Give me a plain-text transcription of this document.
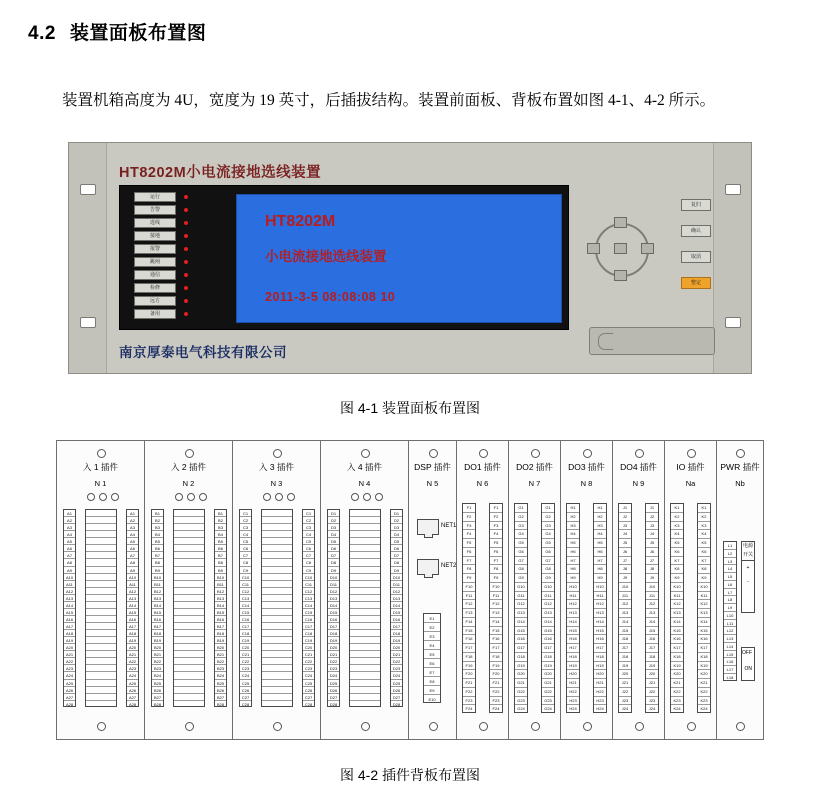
4.2 装置面板布置图
装置机箱高度为 4U，宽度为 19 英寸，后插拔结构。装置前面板、背板布置如图 4-1、4-2 所示。
HT8202M小电流接地选线装置
南京厚泰电气科技有限公司
运行
告警
选线
接地
报警
跳闸
通信
检修
远方
备用
HT8202M
小电流接地选线装置
2011-3-5 08:08:08 10
复归
确认
取消
整定
图 4-1 装置面板布置图
入 1 插件
N 1
A1
A2
A3
A4
A5
A6
A7
A8
A9
A10
A11
A12
A13
A14
A15
A16
A17
A18
A19
A20
A21
A22
A23
A24
A25
A26
A27
A28
A1
A2
A3
A4
A5
A6
A7
A8
A9
A10
A11
A12
A13
A14
A15
A16
A17
A18
A19
A20
A21
A22
A23
A24
A25
A26
A27
A28
入 2 插件
N 2
B1
B2
B3
B4
B5
B6
B7
B8
B9
B10
B11
B12
B13
B14
B15
B16
B17
B18
B19
B20
B21
B22
B23
B24
B25
B26
B27
B28
B1
B2
B3
B4
B5
B6
B7
B8
B9
B10
B11
B12
B13
B14
B15
B16
B17
B18
B19
B20
B21
B22
B23
B24
B25
B26
B27
B28
入 3 插件
N 3
C1
C2
C3
C4
C5
C6
C7
C8
C9
C10
C11
C12
C13
C14
C15
C16
C17
C18
C19
C20
C21
C22
C23
C24
C25
C26
C27
C28
C1
C2
C3
C4
C5
C6
C7
C8
C9
C10
C11
C12
C13
C14
C15
C16
C17
C18
C19
C20
C21
C22
C23
C24
C25
C26
C27
C28
入 4 插件
N 4
D1
D2
D3
D4
D5
D6
D7
D8
D9
D10
D11
D12
D13
D14
D15
D16
D17
D18
D19
D20
D21
D22
D23
D24
D25
D26
D27
D28
D1
D2
D3
D4
D5
D6
D7
D8
D9
D10
D11
D12
D13
D14
D15
D16
D17
D18
D19
D20
D21
D22
D23
D24
D25
D26
D27
D28
DSP 插件
N 5
NET1
NET2
E1
E2
E3
E4
E5
E6
E7
E8
E9
E10
DO1 插件
N 6
F1
F2
F3
F4
F5
F6
F7
F8
F9
F10
F11
F12
F13
F14
F15
F16
F17
F18
F19
F20
F21
F22
F23
F24
F1
F2
F3
F4
F5
F6
F7
F8
F9
F10
F11
F12
F13
F14
F15
F16
F17
F18
F19
F20
F21
F22
F23
F24
DO2 插件
N 7
G1
G2
G3
G4
G5
G6
G7
G8
G9
G10
G11
G12
G13
G14
G15
G16
G17
G18
G19
G20
G21
G22
G23
G24
G1
G2
G3
G4
G5
G6
G7
G8
G9
G10
G11
G12
G13
G14
G15
G16
G17
G18
G19
G20
G21
G22
G23
G24
DO3 插件
N 8
H1
H2
H3
H4
H5
H6
H7
H8
H9
H10
H11
H12
H13
H14
H15
H16
H17
H18
H19
H20
H21
H22
H23
H24
H1
H2
H3
H4
H5
H6
H7
H8
H9
H10
H11
H12
H13
H14
H15
H16
H17
H18
H19
H20
H21
H22
H23
H24
DO4 插件
N 9
J1
J2
J3
J4
J5
J6
J7
J8
J9
J10
J11
J12
J13
J14
J15
J16
J17
J18
J19
J20
J21
J22
J23
J24
J1
J2
J3
J4
J5
J6
J7
J8
J9
J10
J11
J12
J13
J14
J15
J16
J17
J18
J19
J20
J21
J22
J23
J24
IO 插件
Na
K1
K2
K3
K4
K5
K6
K7
K8
K9
K10
K11
K12
K13
K14
K15
K16
K17
K18
K19
K20
K21
K22
K23
K24
K1
K2
K3
K4
K5
K6
K7
K8
K9
K10
K11
K12
K13
K14
K15
K16
K17
K18
K19
K20
K21
K22
K23
K24
PWR 插件
Nb
L1
L2
L3
L4
L5
L6
L7
L8
L9
L10
L11
L12
L13
L14
L15
L16
L17
L18
电源开关
+
-
OFF
ON
图 4-2 插件背板布置图
